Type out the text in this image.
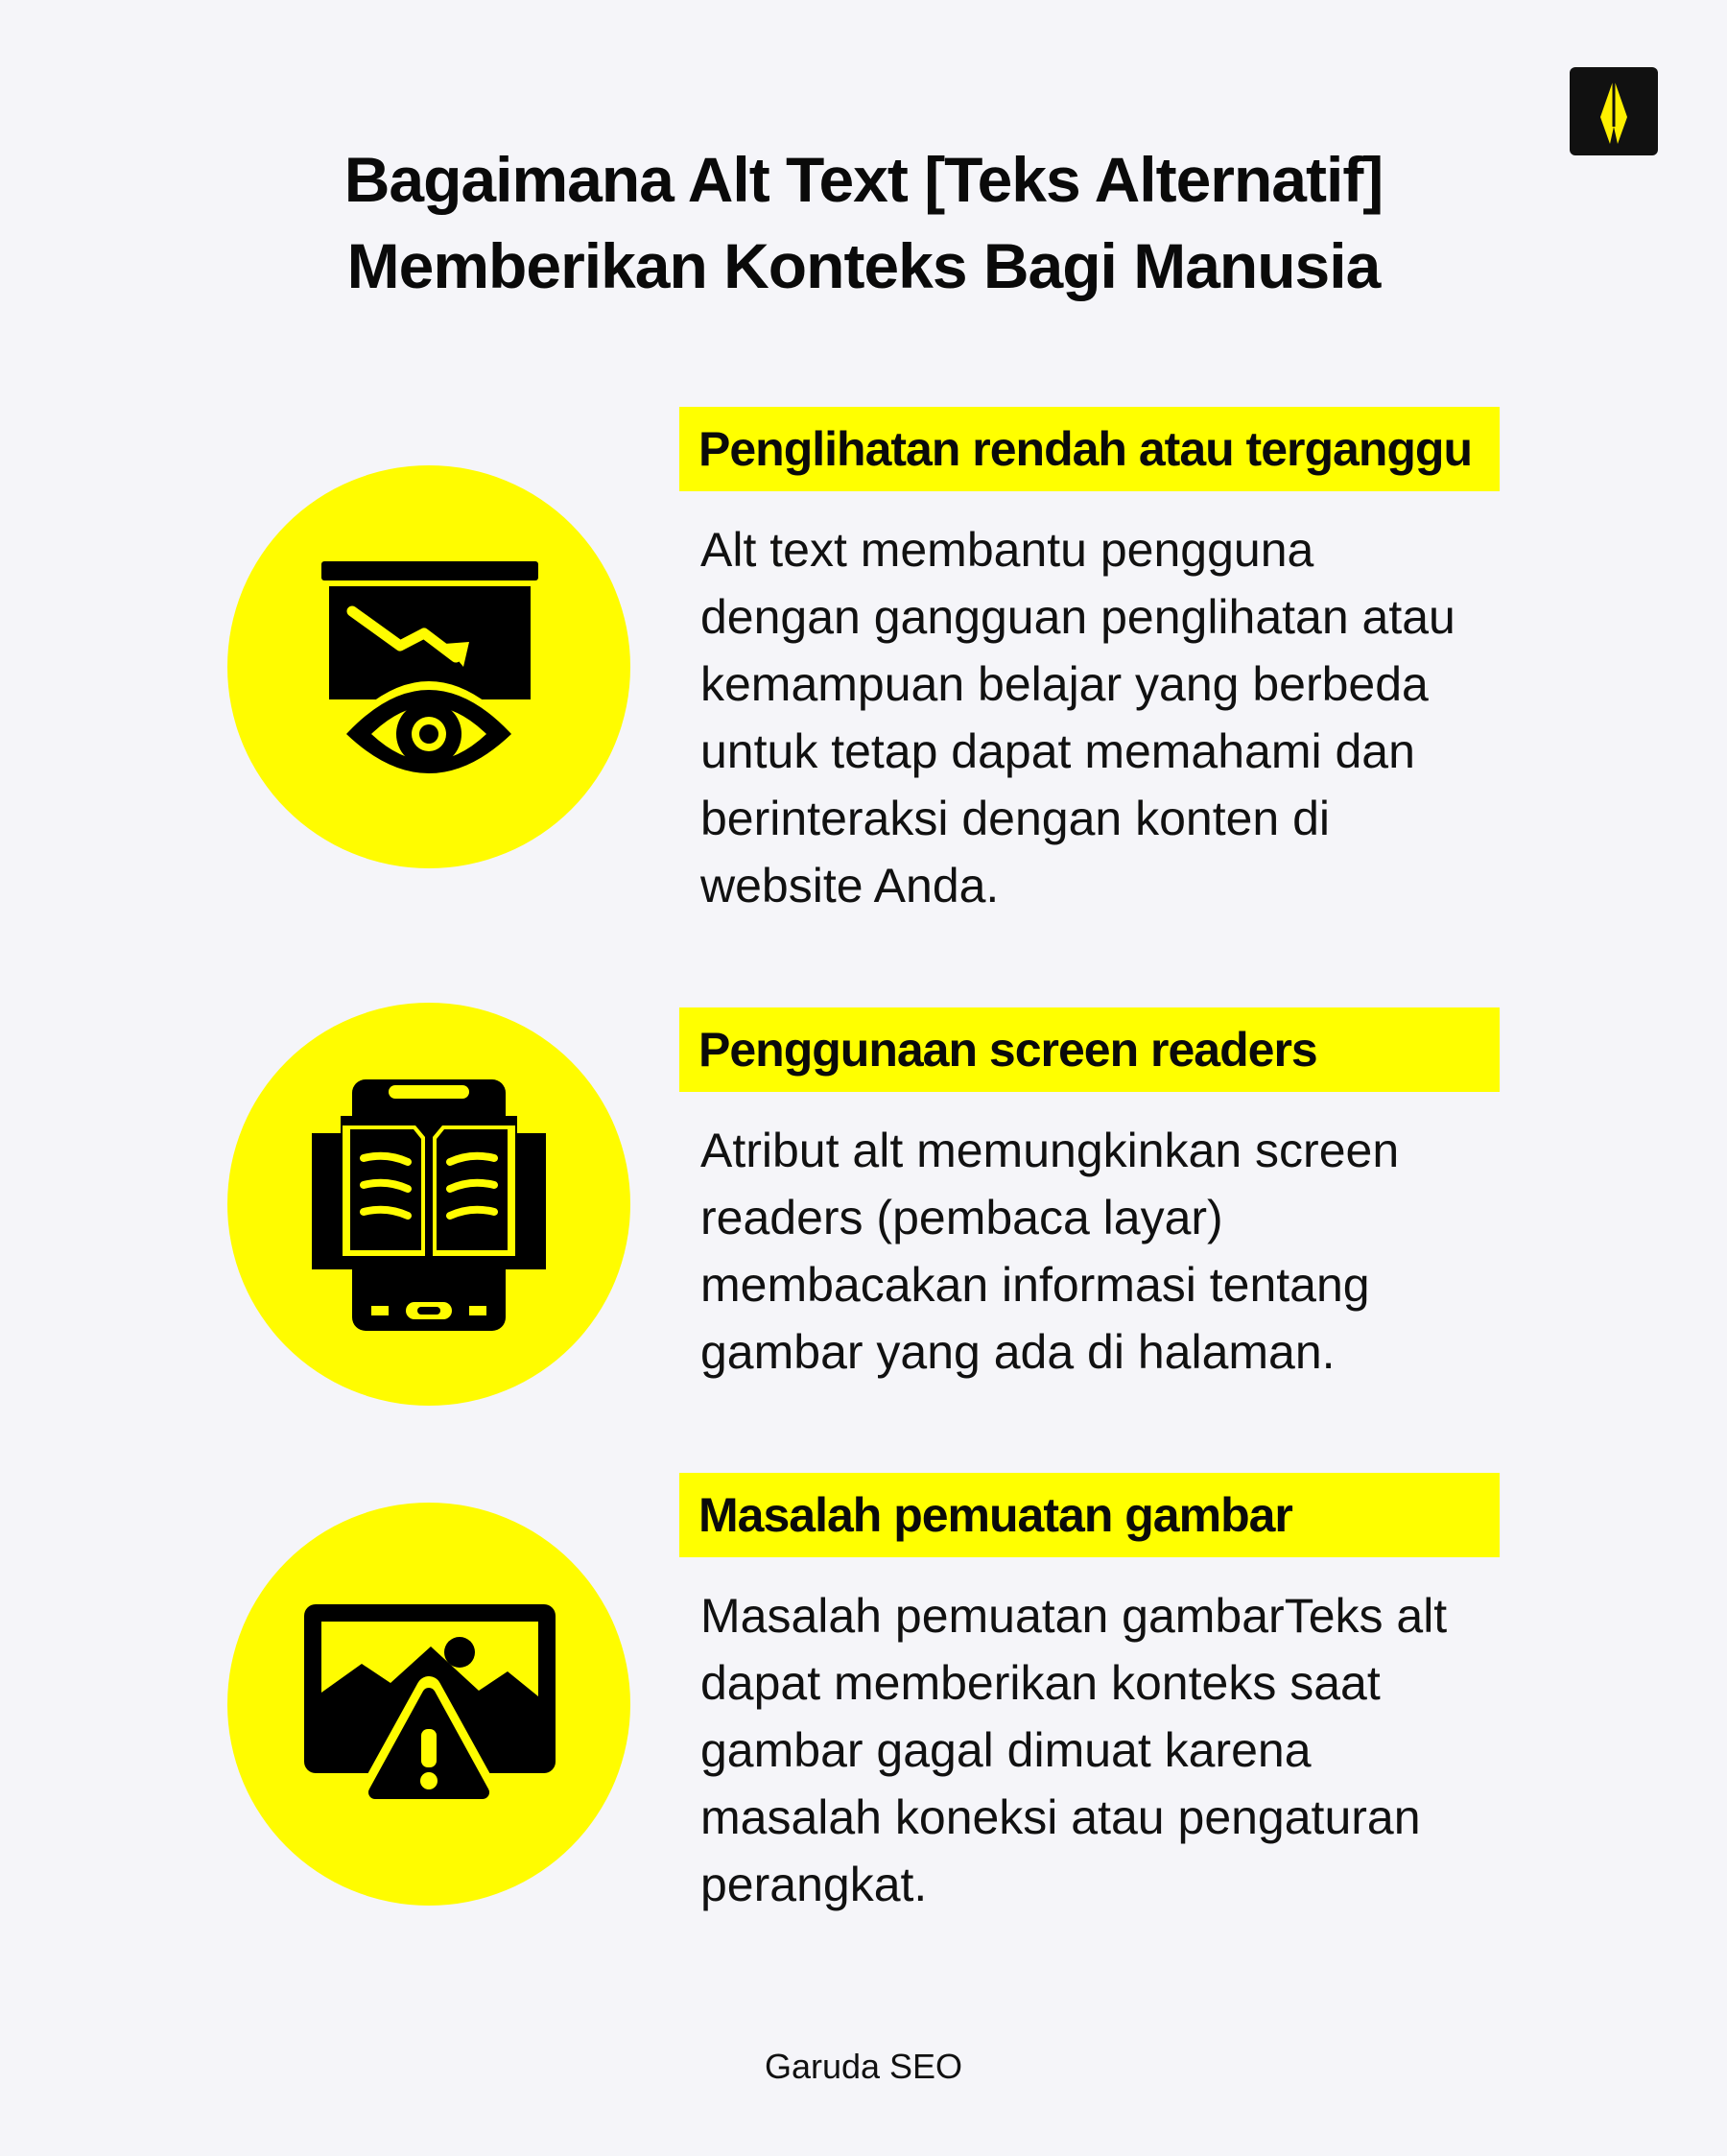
Bagaimana Alt Text [Teks Alternatif]
Memberikan Konteks Bagi Manusia
Penglihatan rendah atau terganggu

Alt text membantu pengguna
dengan gangguan penglihatan atau
kemampuan belajar yang berbeda
untuk tetap dapat memahami dan
berinteraksi dengan konten di
website Anda.

Penggunaan screen readers

Atribut alt memungkinkan screen
readers (pembaca layar)
membacakan informasi tentang
gambar yang ada di halaman.

Masalah pemuatan gambar

Masalah pemuatan gambarTeks alt
dapat memberikan konteks saat
gambar gagal dimuat karena
masalah koneksi atau pengaturan
perangkat.

Garuda SEO
